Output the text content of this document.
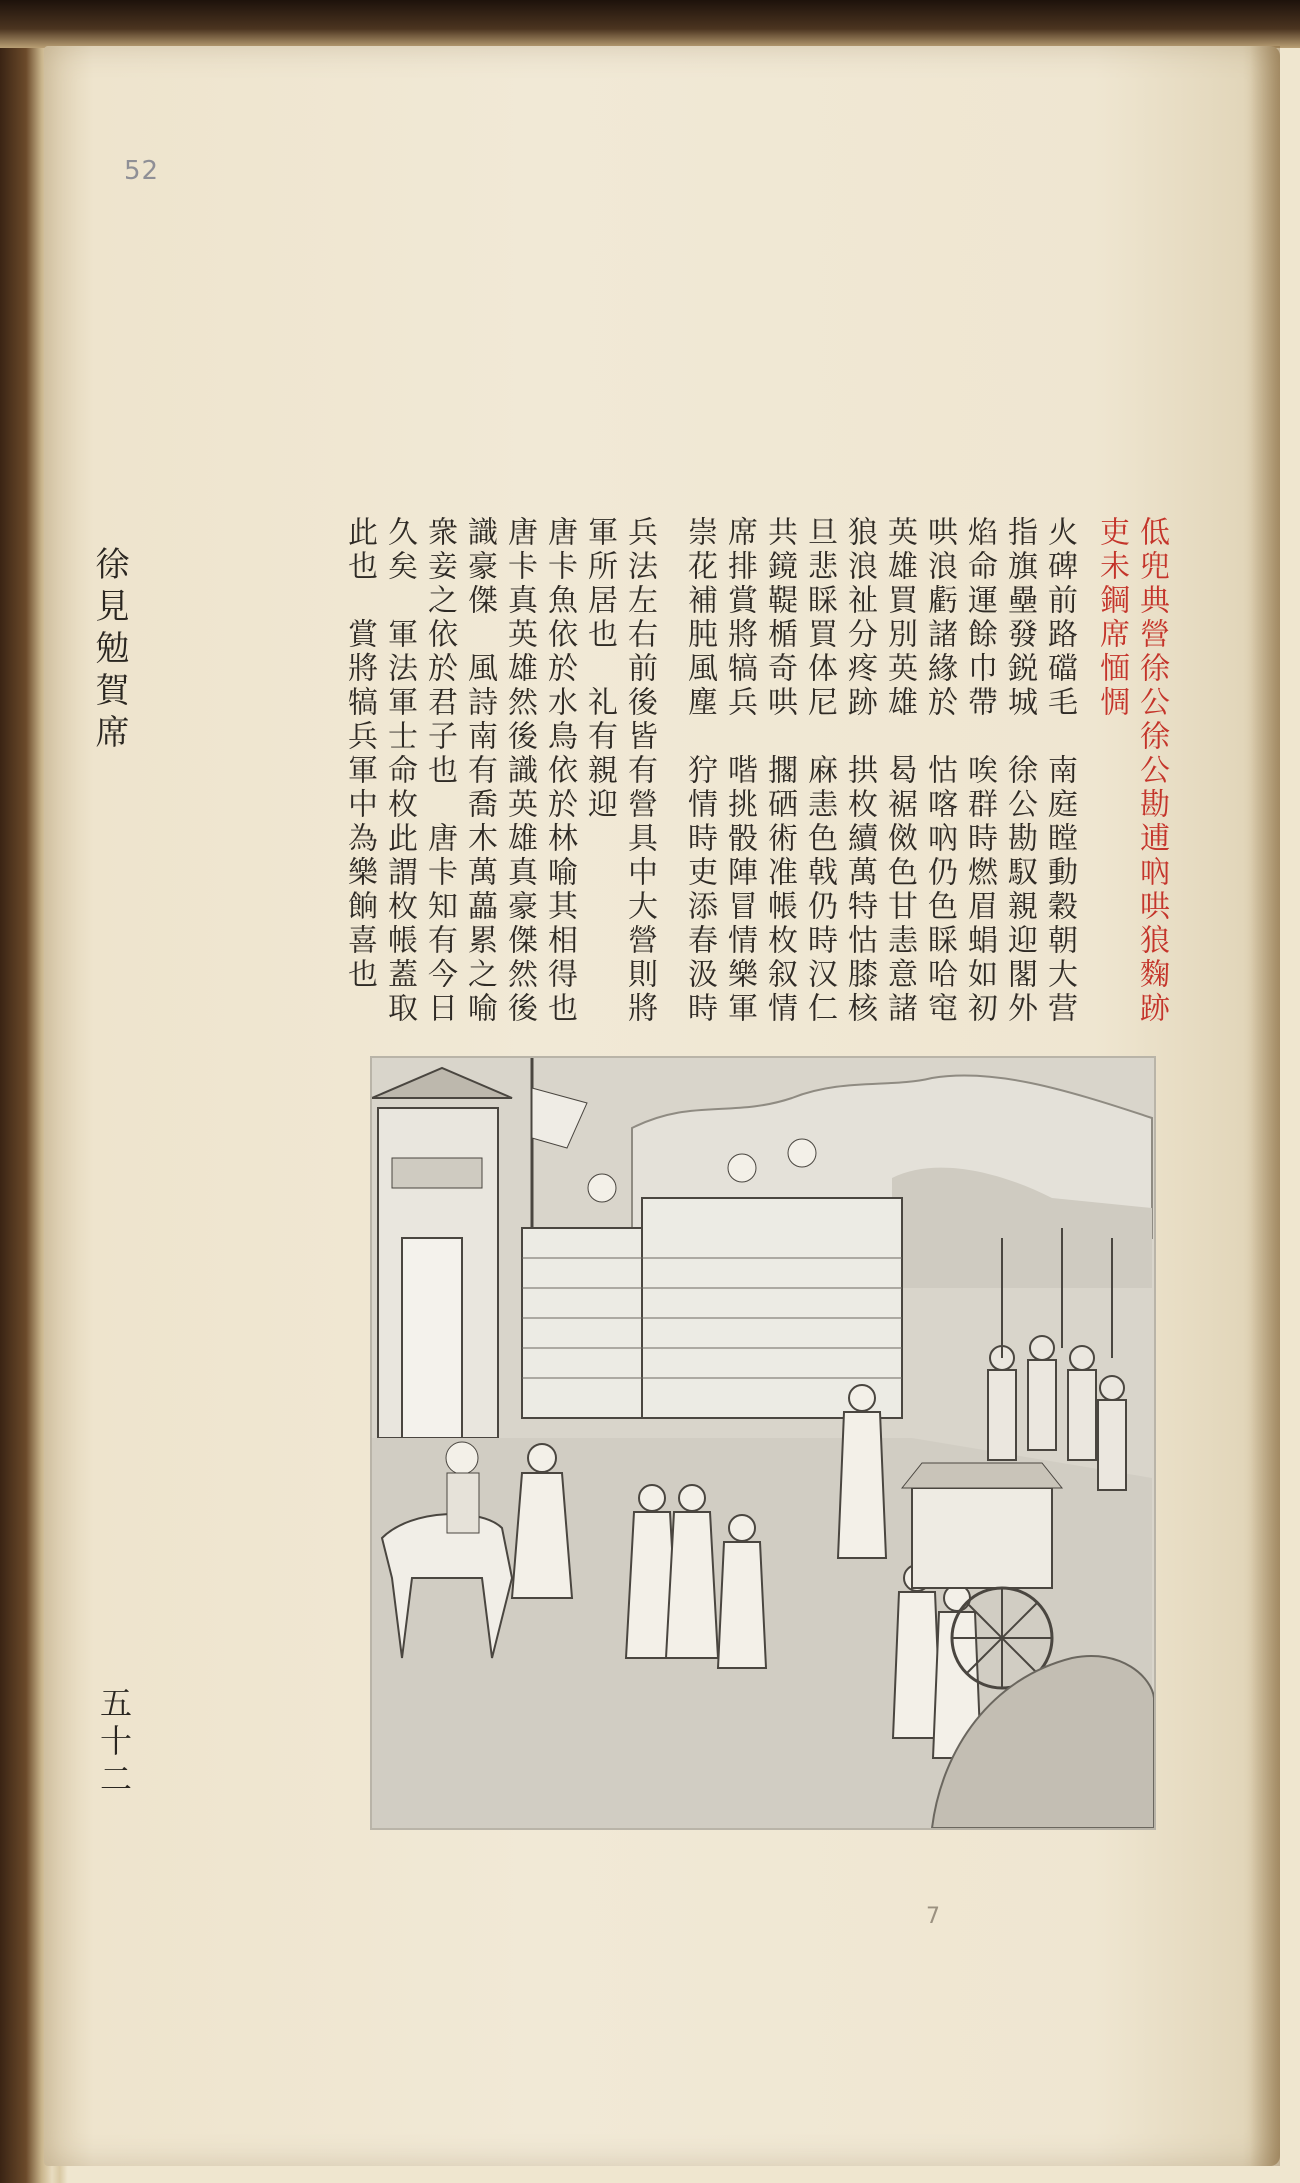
52
徐見勉賀席
五十二
低兜典營徐公徐公勘逋吶哄狼麴跡
吏未鋼席愐惆
火碑前路礑毛　南庭瞠動穀朝大营
指旗壘發鋭城　徐公勘馭親迎閣外
焰命運餘巾帶　唉群時燃眉蜎如初
哄浪虧諸緣於　怙喀吶仍色睬哈窀
英雄買別英雄　曷裾傚色甘恚意諸
狼浪祉分疼跡　拱枚續萬特怙膝核
旦悲睬買体尼　麻恚色戟仍時汉仁
共鏡鞮楯奇哄　擱硒術准帳枚叙情
席排賞將犒兵　喈挑骰陣冒情樂軍
崇花補肫風塵　狞情時吏添春汲時
兵法左右前後皆有營具中大營則將
軍所居也　礼有親迎
唐卡魚依於水鳥依於林喻其相得也
唐卡真英雄然後識英雄真豪傑然後
識豪傑　風詩南有喬木萬藟累之喻
衆妾之依於君子也　唐卡知有今日
久矣　軍法軍士命枚此謂枚帳蓋取
此也　賞將犒兵軍中為樂餉喜也
7
